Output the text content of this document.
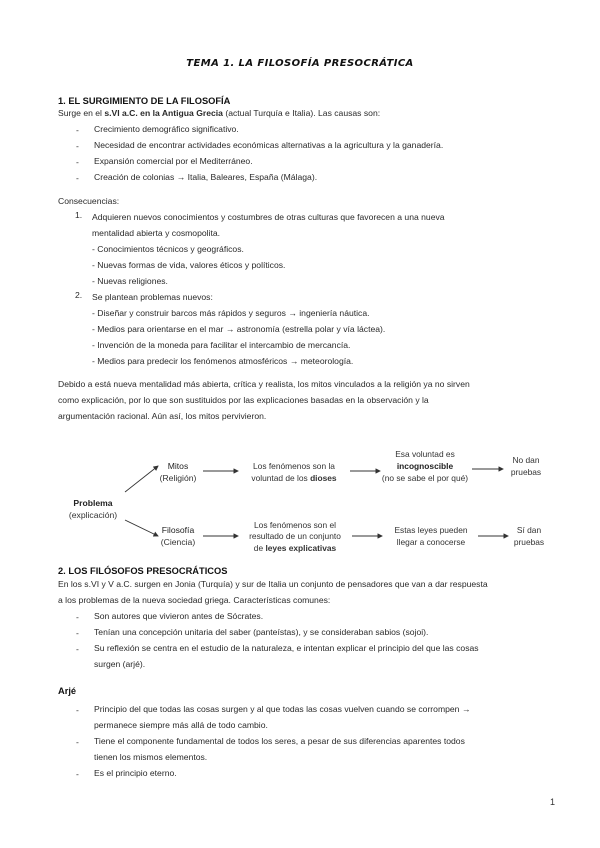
TEMA 1. LA FILOSOFÍA PRESOCRÁTICA
1. EL SURGIMIENTO DE LA FILOSOFÍA
Surge en el s.VI a.C. en la Antigua Grecia (actual Turquía e Italia). Las causas son:
- Crecimiento demográfico significativo.
- Necesidad de encontrar actividades económicas alternativas a la agricultura y la ganadería.
- Expansión comercial por el Mediterráneo.
- Creación de colonias → Italia, Baleares, España (Málaga).
Consecuencias:
1. Adquieren nuevos conocimientos y costumbres de otras culturas que favorecen a una nueva
mentalidad abierta y cosmopolita.
- Conocimientos técnicos y geográficos.
- Nuevas formas de vida, valores éticos y políticos.
- Nuevas religiones.
2. Se plantean problemas nuevos:
- Diseñar y construir barcos más rápidos y seguros → ingeniería náutica.
- Medios para orientarse en el mar → astronomía (estrella polar y vía láctea).
- Invención de la moneda para facilitar el intercambio de mercancía.
- Medios para predecir los fenómenos atmosféricos → meteorología.
Debido a está nueva mentalidad más abierta, crítica y realista, los mitos vinculados a la religión ya no sirven
como explicación, por lo que son sustituidos por las explicaciones basadas en la observación y la
argumentación racional. Aún así, los mitos pervivieron.
Problema
(explicación)
Mitos
(Religión)
Los fenómenos son la
voluntad de los dioses
Esa voluntad es
incognoscible
(no se sabe el por qué)
No dan
pruebas
Filosofía
(Ciencia)
Los fenómenos son el
resultado de un conjunto
de leyes explicativas
Estas leyes pueden
llegar a conocerse
Sí dan
pruebas
2. LOS FILÓSOFOS PRESOCRÁTICOS
En los s.VI y V a.C. surgen en Jonia (Turquía) y sur de Italia un conjunto de pensadores que van a dar respuesta
a los problemas de la nueva sociedad griega. Características comunes:
- Son autores que vivieron antes de Sócrates.
- Tenían una concepción unitaria del saber (panteístas), y se consideraban sabios (sojoi).
- Su reflexión se centra en el estudio de la naturaleza, e intentan explicar el principio del que las cosas
surgen (arjé).
Arjé
- Principio del que todas las cosas surgen y al que todas las cosas vuelven cuando se corrompen →
permanece siempre más allá de todo cambio.
- Tiene el componente fundamental de todos los seres, a pesar de sus diferencias aparentes todos
tienen los mismos elementos.
- Es el principio eterno.
1
